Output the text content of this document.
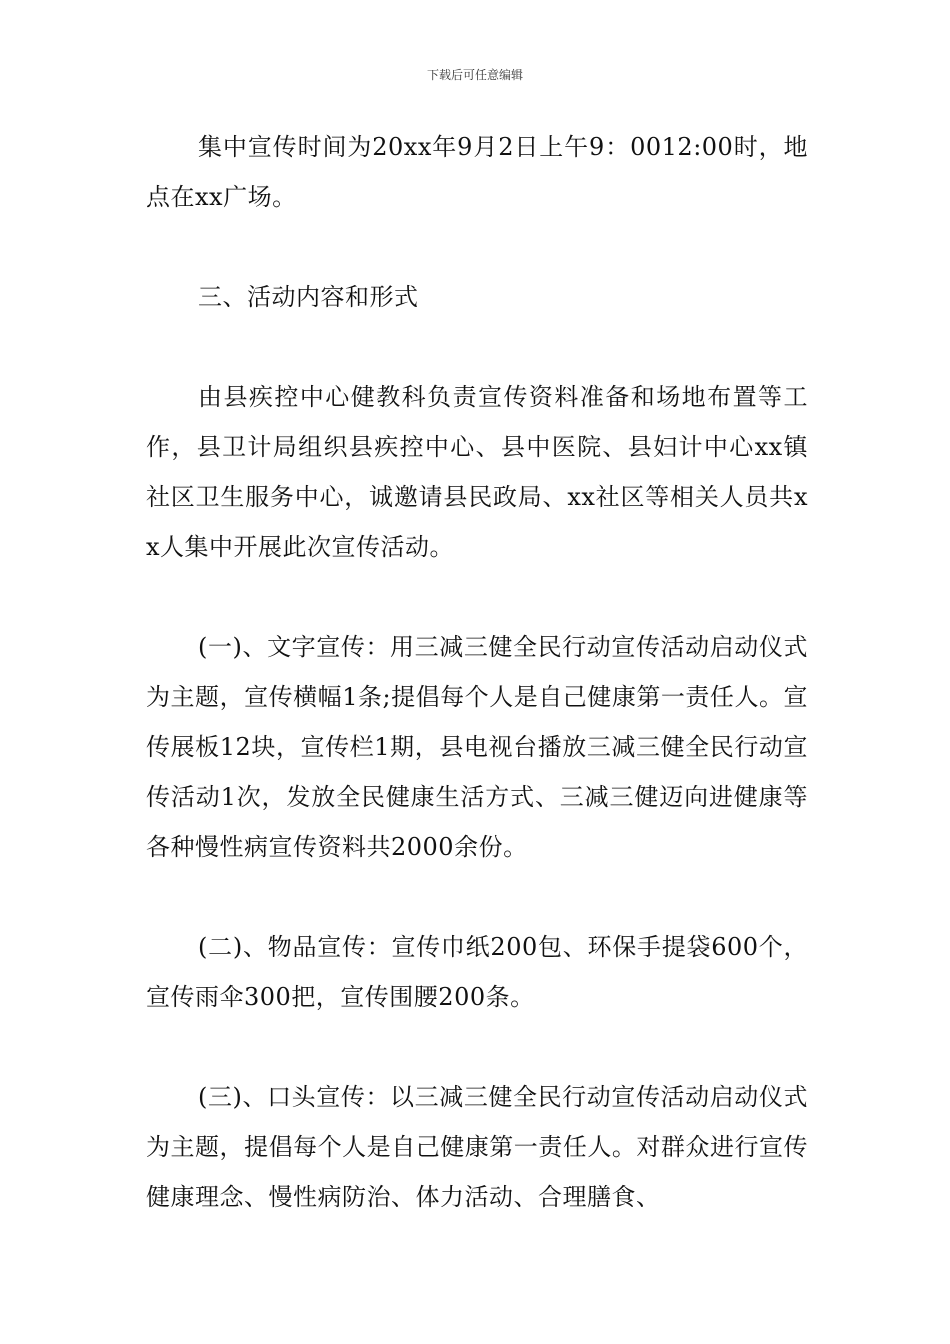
下载后可任意编辑

集中宣传时间为20xx年9月2日上午9：0012:00时，地点在xx广场。

三、活动内容和形式

由县疾控中心健教科负责宣传资料准备和场地布置等工作，县卫计局组织县疾控中心、县中医院、县妇计中心xx镇社区卫生服务中心，诚邀请县民政局、xx社区等相关人员共xx人集中开展此次宣传活动。

(一)、文字宣传：用三减三健全民行动宣传活动启动仪式为主题，宣传横幅1条;提倡每个人是自己健康第一责任人。宣传展板12块，宣传栏1期，县电视台播放三减三健全民行动宣传活动1次，发放全民健康生活方式、三减三健迈向进健康等各种慢性病宣传资料共2000余份。

(二)、物品宣传：宣传巾纸200包、环保手提袋600个，宣传雨伞300把，宣传围腰200条。

(三)、口头宣传：以三减三健全民行动宣传活动启动仪式为主题，提倡每个人是自己健康第一责任人。对群众进行宣传健康理念、慢性病防治、体力活动、合理膳食、
